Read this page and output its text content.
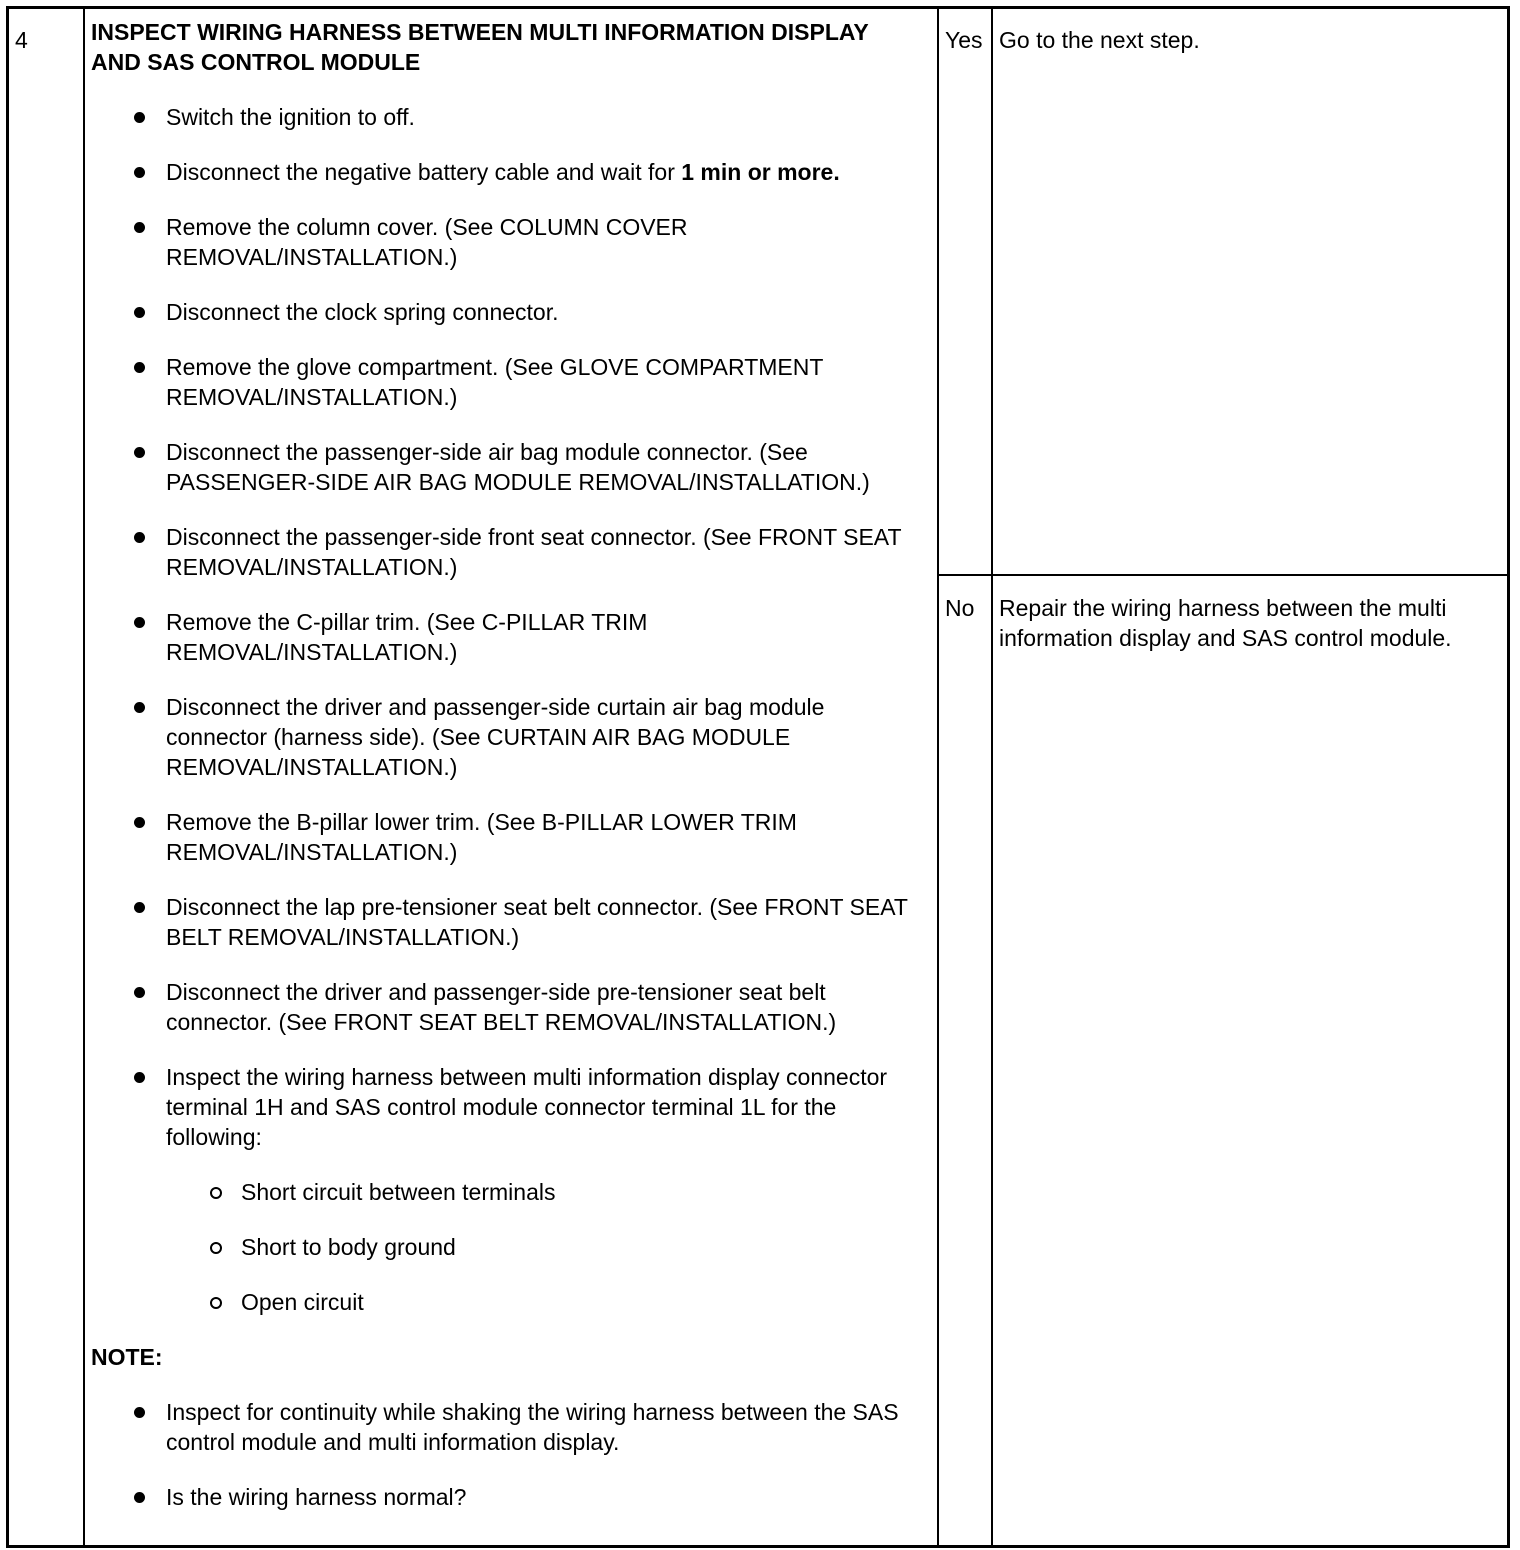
4	INSPECT WIRING HARNESS BETWEEN MULTI INFORMATION DISPLAY AND SAS CONTROL MODULE
Switch the ignition to off.
Disconnect the negative battery cable and wait for 1 min or more.
Remove the column cover. (See COLUMN COVER REMOVAL/INSTALLATION.)
Disconnect the clock spring connector.
Remove the glove compartment. (See GLOVE COMPARTMENT REMOVAL/INSTALLATION.)
Disconnect the passenger-side air bag module connector. (See PASSENGER-SIDE AIR BAG MODULE REMOVAL/INSTALLATION.)
Disconnect the passenger-side front seat connector. (See FRONT SEAT REMOVAL/INSTALLATION.)
Remove the C-pillar trim. (See C-PILLAR TRIM REMOVAL/INSTALLATION.)
Disconnect the driver and passenger-side curtain air bag module connector (harness side). (See CURTAIN AIR BAG MODULE REMOVAL/INSTALLATION.)
Remove the B-pillar lower trim. (See B-PILLAR LOWER TRIM REMOVAL/INSTALLATION.)
Disconnect the lap pre-tensioner seat belt connector. (See FRONT SEAT BELT REMOVAL/INSTALLATION.)
Disconnect the driver and passenger-side pre-tensioner seat belt connector. (See FRONT SEAT BELT REMOVAL/INSTALLATION.)
Inspect the wiring harness between multi information display connector terminal 1H and SAS control module connector terminal 1L for the following:
Short circuit between terminals
Short to body ground
Open circuit
NOTE:
Inspect for continuity while shaking the wiring harness between the SAS control module and multi information display.
Is the wiring harness normal?
Yes Go to the next step.
No Repair the wiring harness between the multi information display and SAS control module.
